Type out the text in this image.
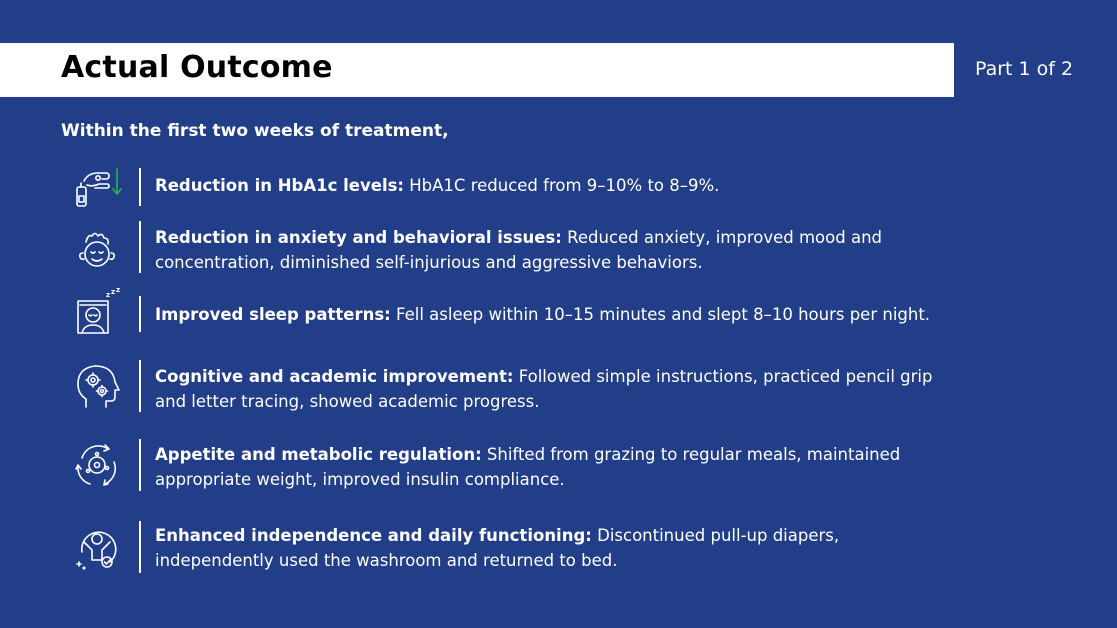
Actual Outcome	Part 1 of 2
Within the first two weeks of treatment,
Reduction in HbA1c levels: HbA1C reduced from 9–10% to 8–9%.
Reduction in anxiety and behavioral issues: Reduced anxiety, improved mood and concentration, diminished self-injurious and aggressive behaviors.
z z z
Improved sleep patterns: Fell asleep within 10–15 minutes and slept 8–10 hours per night.
Cognitive and academic improvement: Followed simple instructions, practiced pencil grip and letter tracing, showed academic progress.
Appetite and metabolic regulation: Shifted from grazing to regular meals, maintained appropriate weight, improved insulin compliance.
Enhanced independence and daily functioning: Discontinued pull-up diapers, independently used the washroom and returned to bed.
